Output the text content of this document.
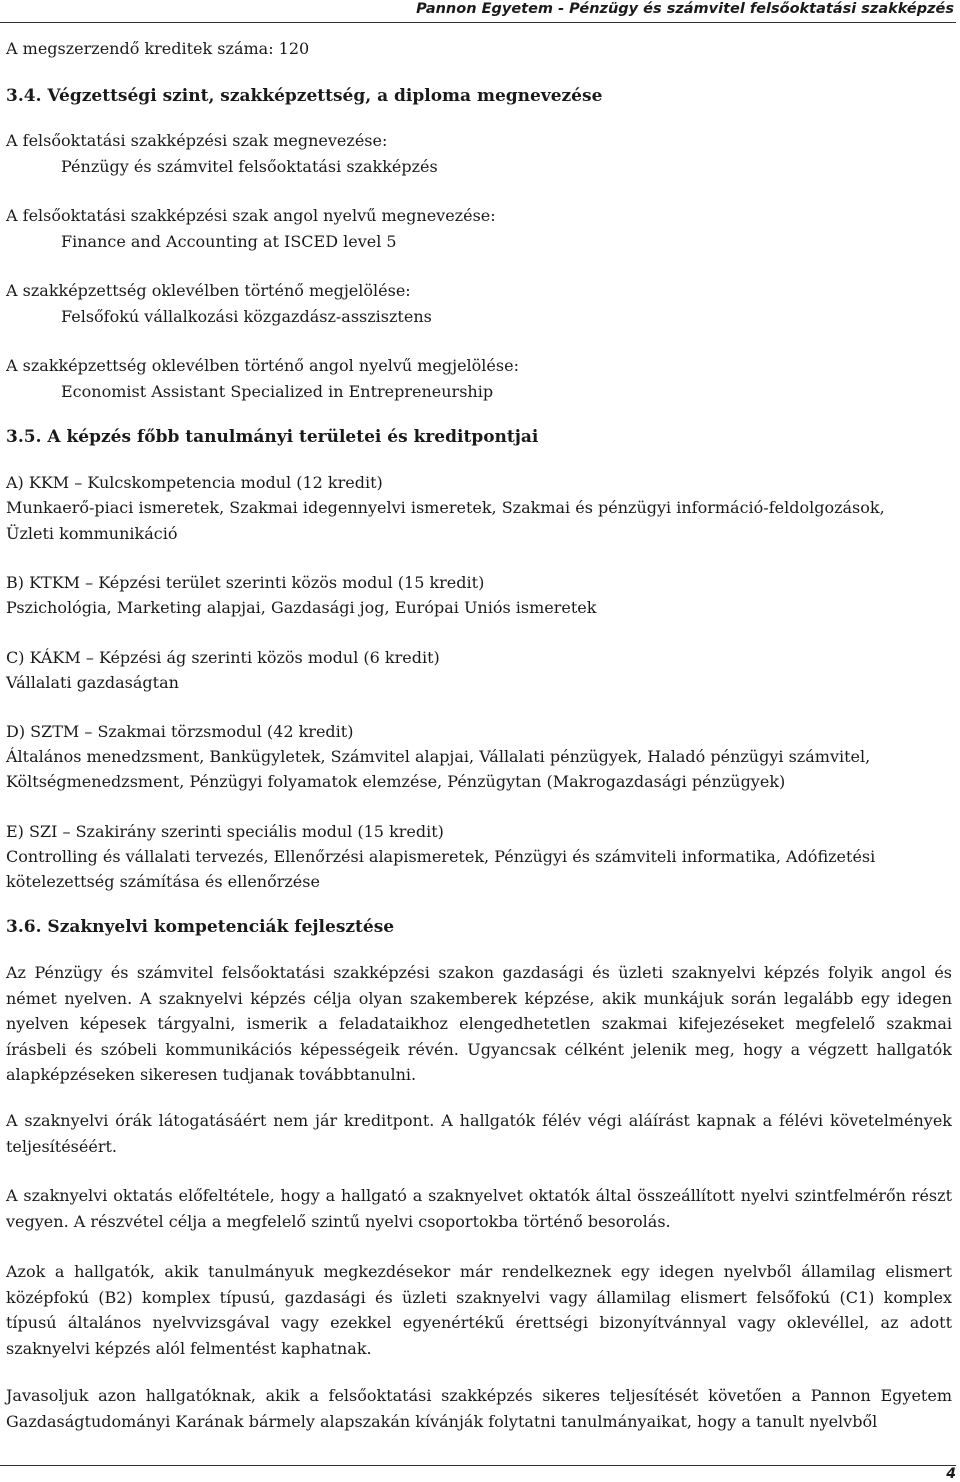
Pannon Egyetem - Pénzügy és számvitel felsőoktatási szakképzés
A megszerzendő kreditek száma: 120
3.4. Végzettségi szint, szakképzettség, a diploma megnevezése
A felsőoktatási szakképzési szak megnevezése:
Pénzügy és számvitel felsőoktatási szakképzés
A felsőoktatási szakképzési szak angol nyelvű megnevezése:
Finance and Accounting at ISCED level 5
A szakképzettség oklevélben történő megjelölése:
Felsőfokú vállalkozási közgazdász-asszisztens
A szakképzettség oklevélben történő angol nyelvű megjelölése:
Economist Assistant Specialized in Entrepreneurship
3.5. A képzés főbb tanulmányi területei és kreditpontjai
A) KKM – Kulcskompetencia modul (12 kredit)
Munkaerő-piaci ismeretek, Szakmai idegennyelvi ismeretek, Szakmai és pénzügyi információ-feldolgozások,
Üzleti kommunikáció
B) KTKM – Képzési terület szerinti közös modul (15 kredit)
Pszichológia, Marketing alapjai, Gazdasági jog, Európai Uniós ismeretek
C) KÁKM – Képzési ág szerinti közös modul (6 kredit)
Vállalati gazdaságtan
D) SZTM – Szakmai törzsmodul (42 kredit)
Általános menedzsment, Bankügyletek, Számvitel alapjai, Vállalati pénzügyek, Haladó pénzügyi számvitel,
Költségmenedzsment, Pénzügyi folyamatok elemzése, Pénzügytan (Makrogazdasági pénzügyek)
E) SZI – Szakirány szerinti speciális modul (15 kredit)
Controlling és vállalati tervezés, Ellenőrzési alapismeretek, Pénzügyi és számviteli informatika, Adófizetési
kötelezettség számítása és ellenőrzése
3.6. Szaknyelvi kompetenciák fejlesztése
Az Pénzügy és számvitel felsőoktatási szakképzési szakon gazdasági és üzleti szaknyelvi képzés folyik angol és német nyelven. A szaknyelvi képzés célja olyan szakemberek képzése, akik munkájuk során legalább egy idegen nyelven képesek tárgyalni, ismerik a feladataikhoz elengedhetetlen szakmai kifejezéseket megfelelő szakmai írásbeli és szóbeli kommunikációs képességeik révén. Ugyancsak célként jelenik meg, hogy a végzett hallgatók alapképzéseken sikeresen tudjanak továbbtanulni.
A szaknyelvi órák látogatásáért nem jár kreditpont. A hallgatók félév végi aláírást kapnak a félévi követelmények teljesítéséért.
A szaknyelvi oktatás előfeltétele, hogy a hallgató a szaknyelvet oktatók által összeállított nyelvi szintfelmérőn részt vegyen. A részvétel célja a megfelelő szintű nyelvi csoportokba történő besorolás.
Azok a hallgatók, akik tanulmányuk megkezdésekor már rendelkeznek egy idegen nyelvből államilag elismert középfokú (B2) komplex típusú, gazdasági és üzleti szaknyelvi vagy államilag elismert felsőfokú (C1) komplex típusú általános nyelvvizsgával vagy ezekkel egyenértékű érettségi bizonyítvánnyal vagy oklevéllel, az adott szaknyelvi képzés alól felmentést kaphatnak.
Javasoljuk azon hallgatóknak, akik a felsőoktatási szakképzés sikeres teljesítését követően a Pannon Egyetem Gazdaságtudományi Karának bármely alapszakán kívánják folytatni tanulmányaikat, hogy a tanult nyelvből
4
